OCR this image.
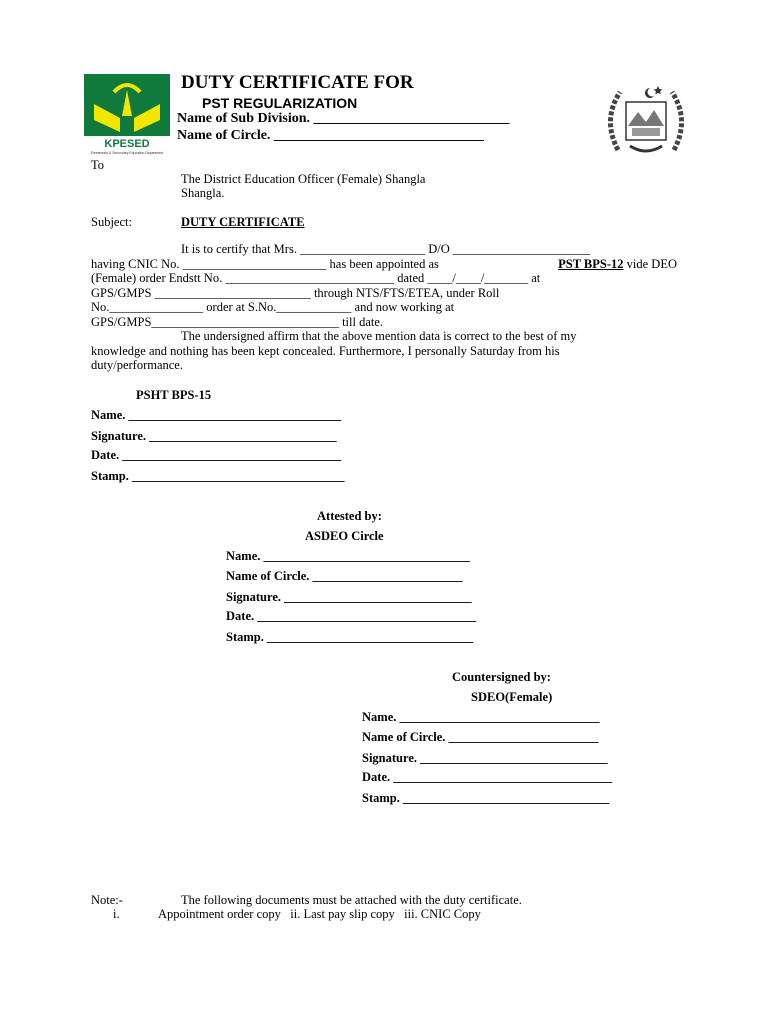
KPESED
Elementary & Secondary Education Department
DUTY CERTIFICATE FOR
PST REGULARIZATION
Name of Sub Division. ____________________________
Name of Circle. ______________________________
To
The District Education Officer (Female) Shangla
Shangla.
Subject:	DUTY CERTIFICATE
It is to certify that Mrs. ____________________ D/O ______________________
having CNIC No. _______________________ has been appointed as	PST BPS-12 vide DEO
(Female) order Endstt No. ___________________________ dated ____/____/_______ at
GPS/GMPS _________________________ through NTS/FTS/ETEA, under Roll
No._______________ order at S.No.____________ and now working at
GPS/GMPS______________________________ till date.
The undersigned affirm that the above mention data is correct to the best of my
knowledge and nothing has been kept concealed. Furthermore, I personally Saturday from his
duty/performance.
PSHT BPS-15
Name. __________________________________
Signature. ______________________________
Date. ___________________________________
Stamp. __________________________________
Attested by:
ASDEO Circle
Name. _________________________________
Name of Circle. ________________________
Signature. ______________________________
Date. ___________________________________
Stamp. _________________________________
Countersigned by:
SDEO(Female)
Name. ________________________________
Name of Circle. ________________________
Signature. ______________________________
Date. ___________________________________
Stamp. _________________________________
Note:-	The following documents must be attached with the duty certificate.
i.	Appointment order copy   ii. Last pay slip copy   iii. CNIC Copy
